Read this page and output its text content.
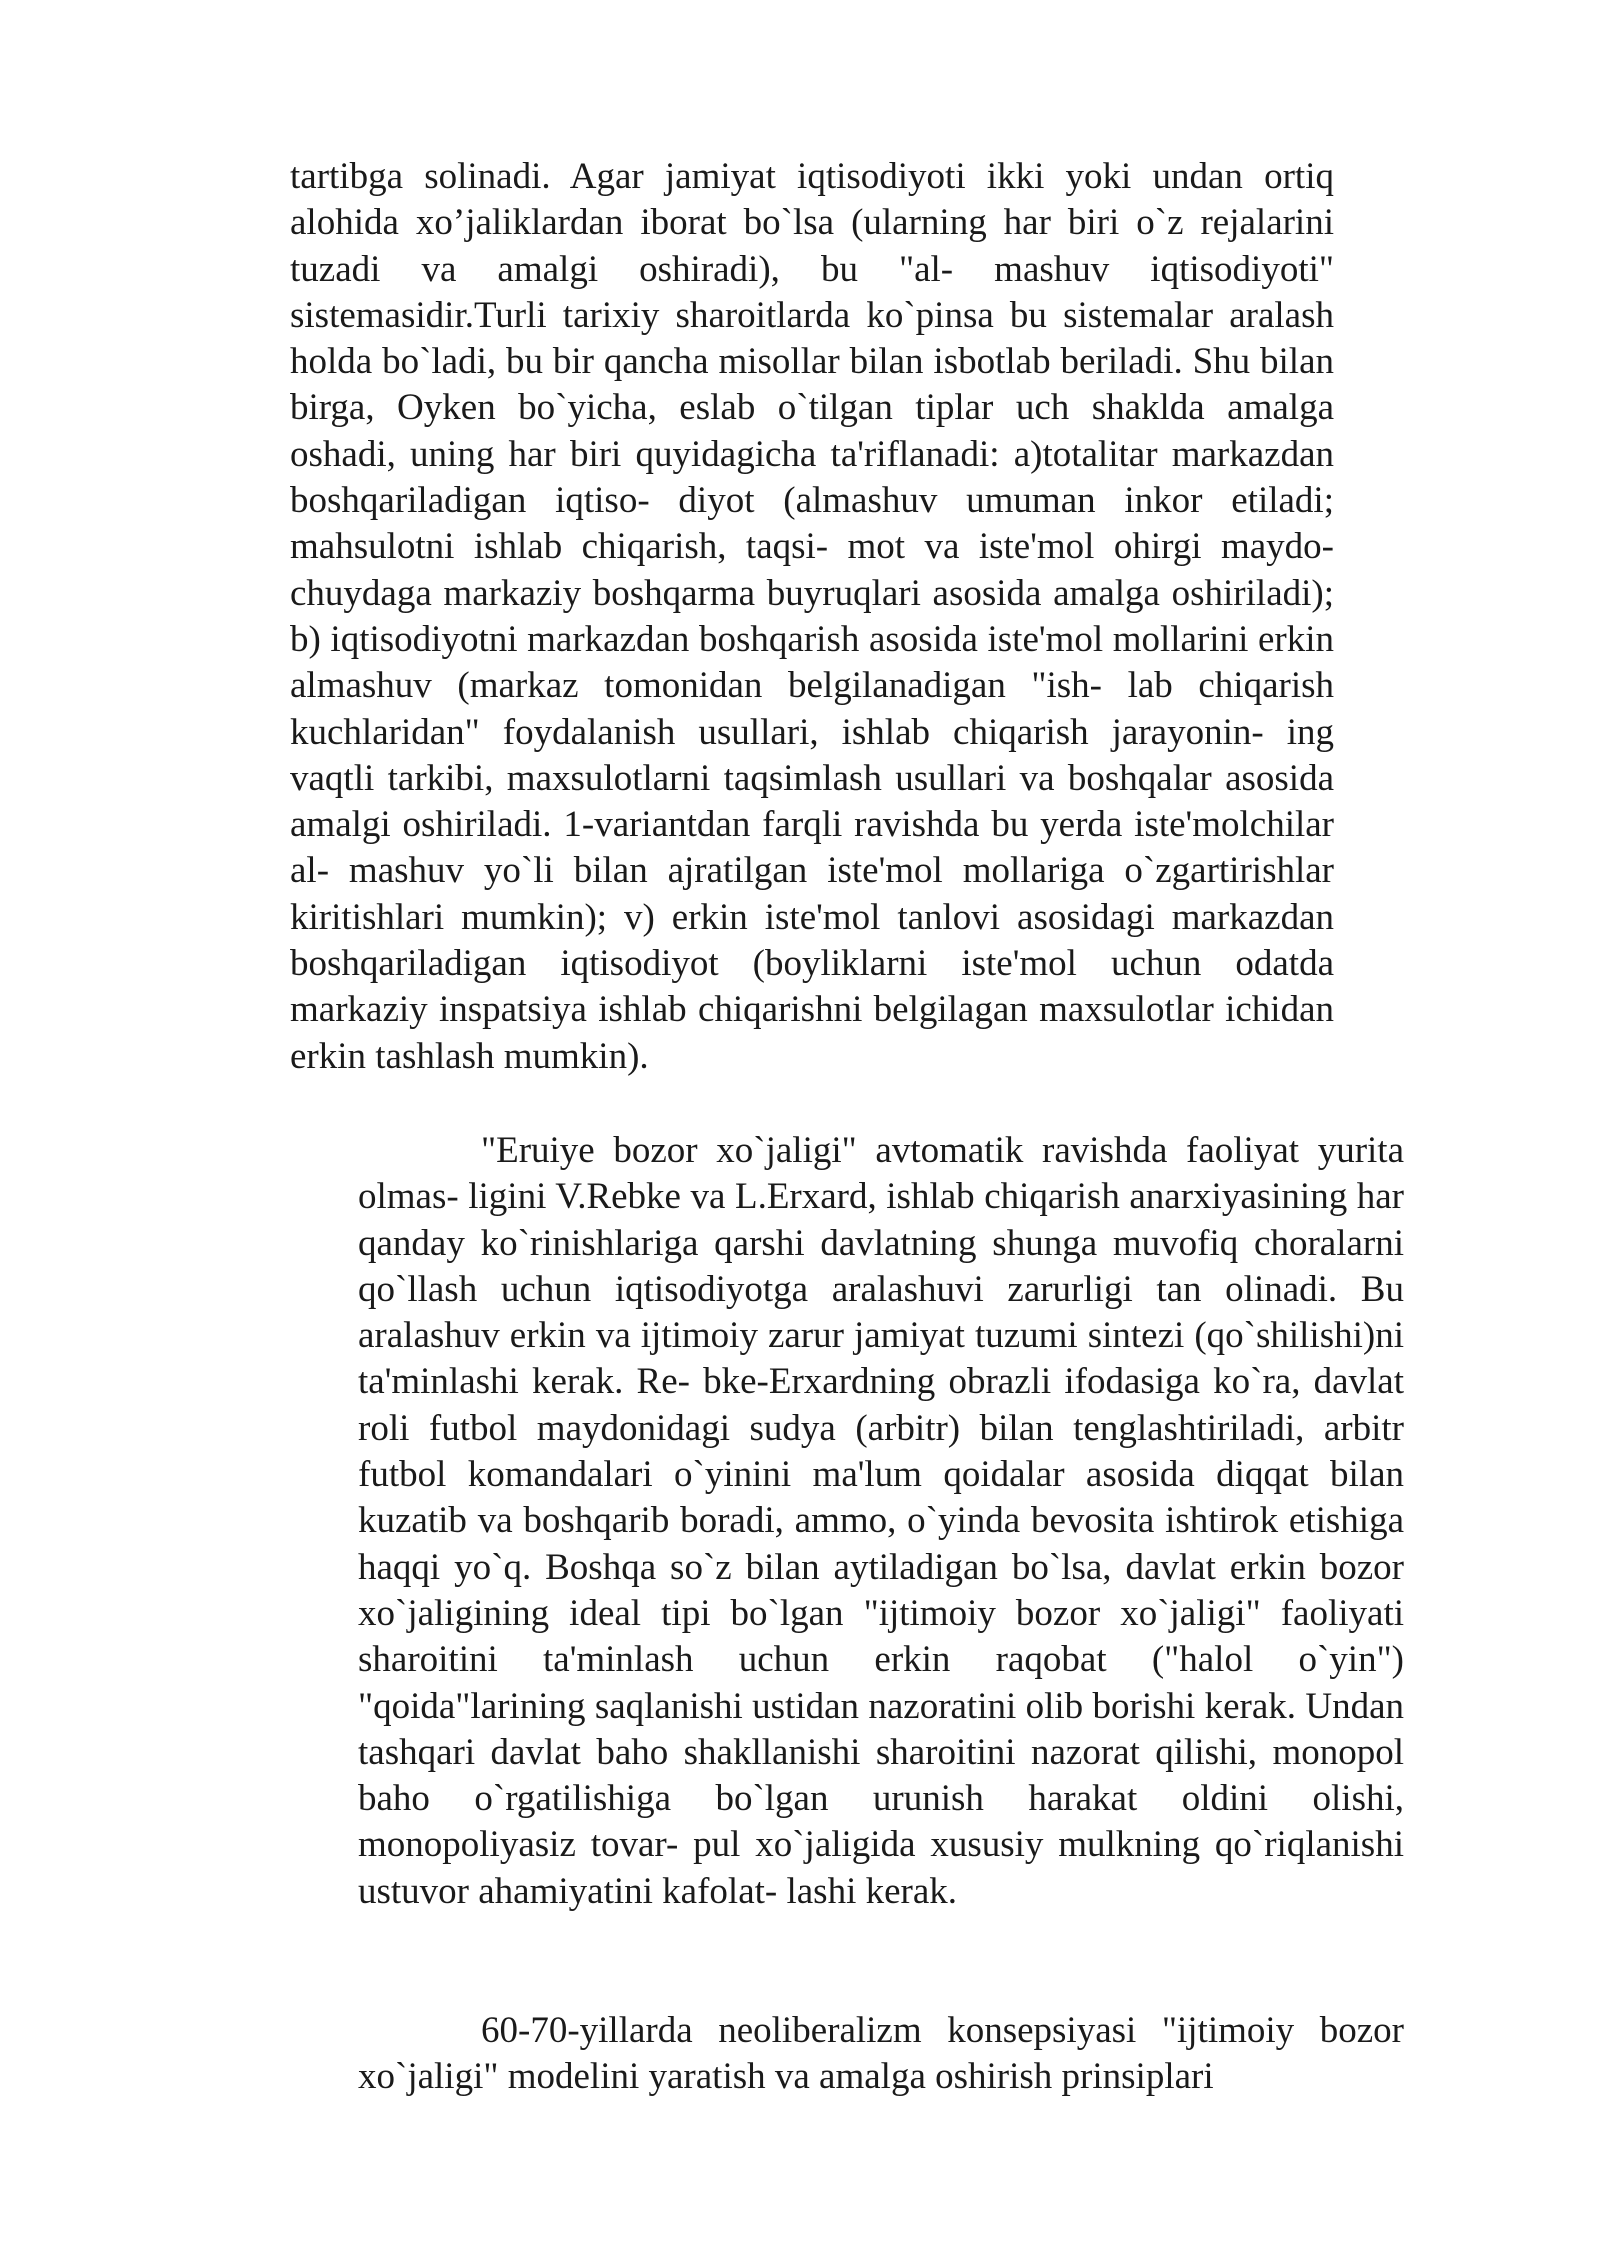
tartibga solinadi. Agar jamiyat iqtisodiyoti ikki yoki undan ortiq alohida xo’jaliklardan iborat bo`lsa (ularning har biri o`z rejalarini tuzadi va amalgi oshiradi), bu "al- mashuv iqtisodiyoti" sistemasidir.Turli tarixiy sharoitlarda ko`pinsa bu sistemalar aralash holda bo`ladi, bu bir qancha misollar bilan isbotlab beriladi. Shu bilan birga, Oyken bo`yicha, eslab o`tilgan tiplar uch shaklda amalga oshadi, uning har biri quyidagicha ta'riflanadi: a)totalitar markazdan boshqariladigan iqtiso- diyot (almashuv umuman inkor etiladi; mahsulotni ishlab chiqarish, taqsi- mot va iste'mol ohirgi maydo-chuydaga markaziy boshqarma buyruqlari asosida amalga oshiriladi); b) iqtisodiyotni markazdan boshqarish asosida iste'mol mollarini erkin almashuv (markaz tomonidan belgilanadigan "ish- lab chiqarish kuchlaridan" foydalanish usullari, ishlab chiqarish jarayonin- ing vaqtli tarkibi, maxsulotlarni taqsimlash usullari va boshqalar asosida amalgi oshiriladi. 1-variantdan farqli ravishda bu yerda iste'molchilar al- mashuv yo`li bilan ajratilgan iste'mol mollariga o`zgartirishlar kiritishlari mumkin); v) erkin iste'mol tanlovi asosidagi markazdan boshqariladigan iqtisodiyot (boyliklarni iste'mol uchun odatda markaziy inspatsiya ishlab chiqarishni belgilagan maxsulotlar ichidan erkin tashlash mumkin).

"Eruiye bozor xo`jaligi" avtomatik ravishda faoliyat yurita olmas- ligini V.Rebke va L.Erxard, ishlab chiqarish anarxiyasining har qanday ko`rinishlariga qarshi davlatning shunga muvofiq choralarni qo`llash uchun iqtisodiyotga aralashuvi zarurligi tan olinadi. Bu aralashuv erkin va ijtimoiy zarur jamiyat tuzumi sintezi (qo`shilishi)ni ta'minlashi kerak. Re- bke-Erxardning obrazli ifodasiga ko`ra, davlat roli futbol maydonidagi sudya (arbitr) bilan tenglashtiriladi, arbitr futbol komandalari o`yinini ma'lum qoidalar asosida diqqat bilan kuzatib va boshqarib boradi, ammo, o`yinda bevosita ishtirok etishiga haqqi yo`q. Boshqa so`z bilan aytiladigan bo`lsa, davlat erkin bozor xo`jaligining ideal tipi bo`lgan "ijtimoiy bozor xo`jaligi" faoliyati sharoitini ta'minlash uchun erkin raqobat ("halol o`yin") "qoida"larining saqlanishi ustidan nazoratini olib borishi kerak. Undan tashqari davlat baho shakllanishi sharoitini nazorat qilishi, monopol baho o`rgatilishiga bo`lgan urunish harakat oldini olishi, monopoliyasiz tovar- pul xo`jaligida xususiy mulkning qo`riqlanishi ustuvor ahamiyatini kafolat- lashi kerak.

60-70-yillarda neoliberalizm konsepsiyasi "ijtimoiy bozor xo`jaligi" modelini yaratish va amalga oshirish prinsiplari
